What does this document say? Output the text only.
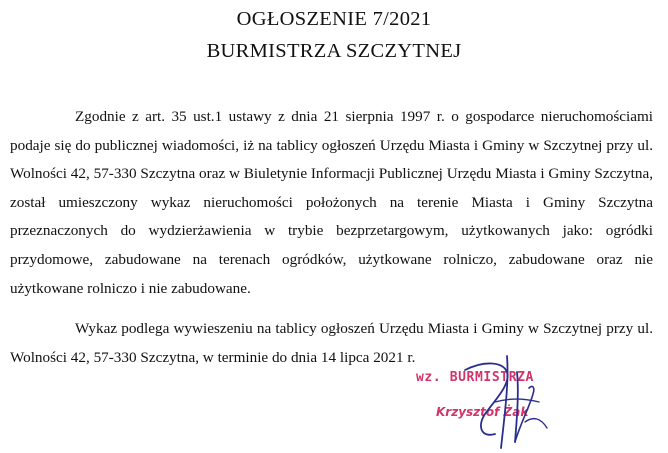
OGŁOSZENIE 7/2021
BURMISTRZA SZCZYTNEJ

Zgodnie z art. 35 ust.1 ustawy z dnia 21 sierpnia 1997 r. o gospodarce nieruchomościami podaje się do publicznej wiadomości, iż na tablicy ogłoszeń Urzędu Miasta i Gminy w Szczytnej przy ul. Wolności 42, 57-330 Szczytna oraz w Biuletynie Informacji Publicznej Urzędu Miasta i Gminy Szczytna, został umieszczony wykaz nieruchomości położonych na terenie Miasta i Gminy Szczytna przeznaczonych do wydzierżawienia w trybie bezprzetargowym, użytkowanych jako: ogródki przydomowe, zabudowane na terenach ogródków, użytkowane rolniczo, zabudowane oraz nie użytkowane rolniczo i nie zabudowane.

Wykaz podlega wywieszeniu na tablicy ogłoszeń Urzędu Miasta i Gminy w Szczytnej przy ul. Wolności 42, 57-330 Szczytna, w terminie do dnia 14 lipca 2021 r.

wz. BURMISTRZA
Krzysztof Żak
